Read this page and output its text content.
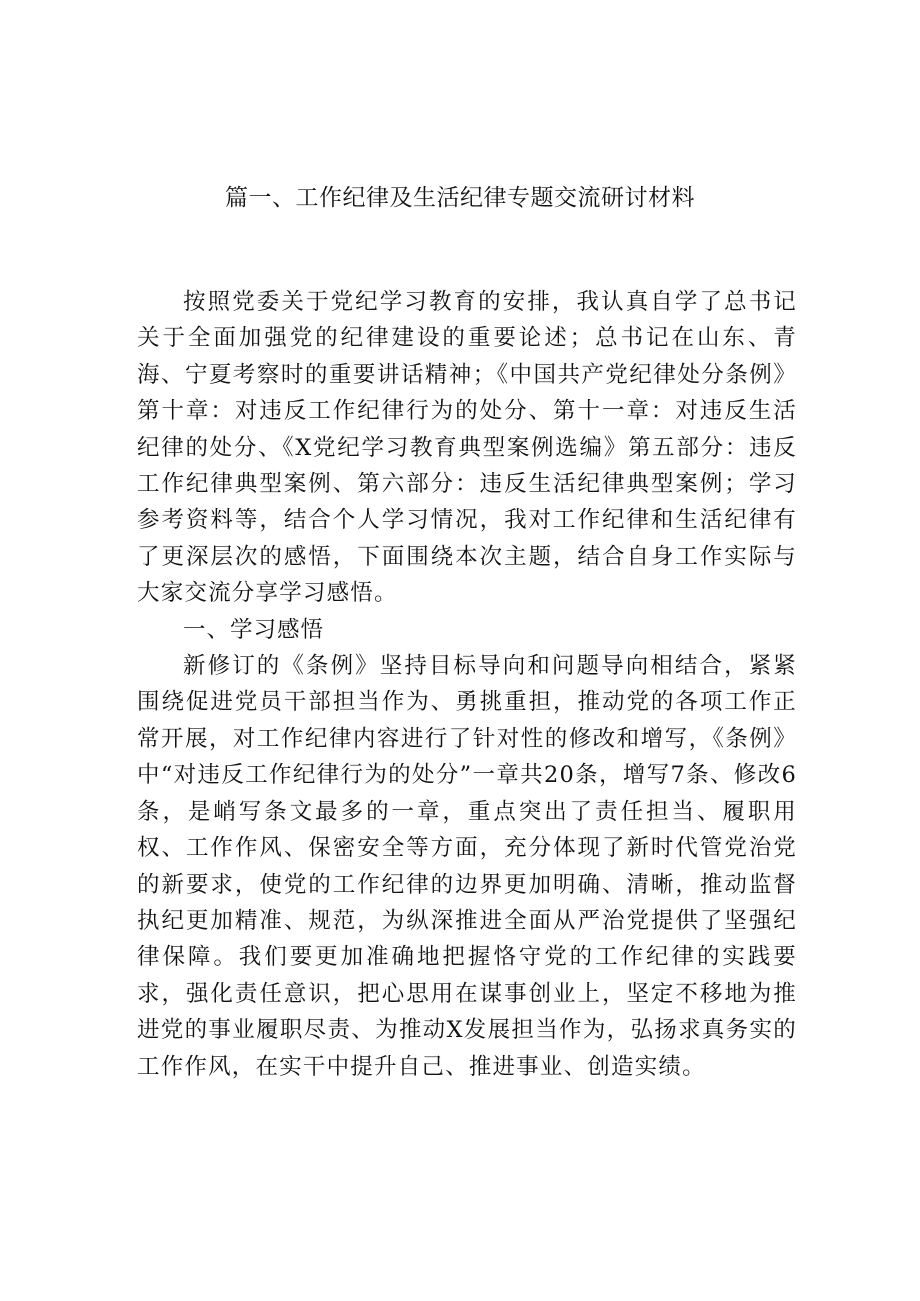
篇一、工作纪律及生活纪律专题交流研讨材料

按照党委关于党纪学习教育的安排，我认真自学了总书记关于全面加强党的纪律建设的重要论述；总书记在山东、青海、宁夏考察时的重要讲话精神；《中国共产党纪律处分条例》第十章：对违反工作纪律行为的处分、第十一章：对违反生活纪律的处分、《X党纪学习教育典型案例选编》第五部分：违反工作纪律典型案例、第六部分：违反生活纪律典型案例；学习参考资料等，结合个人学习情况，我对工作纪律和生活纪律有了更深层次的感悟，下面围绕本次主题，结合自身工作实际与大家交流分享学习感悟。

一、学习感悟

新修订的《条例》坚持目标导向和问题导向相结合，紧紧围绕促进党员干部担当作为、勇挑重担，推动党的各项工作正常开展，对工作纪律内容进行了针对性的修改和增写，《条例》中“对违反工作纪律行为的处分”一章共20条，增写7条、修改6条，是峭写条文最多的一章，重点突出了责任担当、履职用权、工作作风、保密安全等方面，充分体现了新时代管党治党的新要求，使党的工作纪律的边界更加明确、清晰，推动监督执纪更加精准、规范，为纵深推进全面从严治党提供了坚强纪律保障。我们要更加准确地把握恪守党的工作纪律的实践要求，强化责任意识，把心思用在谋事创业上，坚定不移地为推进党的事业履职尽责、为推动X发展担当作为，弘扬求真务实的工作作风，在实干中提升自己、推进事业、创造实绩。
